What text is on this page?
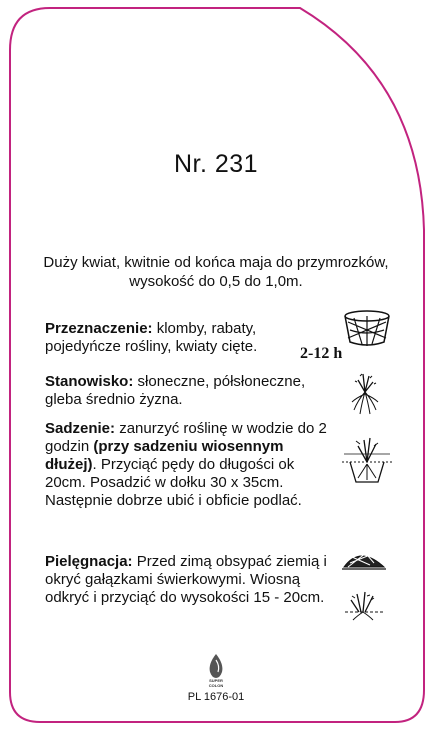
Nr. 231
Duży kwiat, kwitnie od końca maja do przymrozków, wysokość do 0,5 do 1,0m.
Przeznaczenie: klomby, rabaty, pojedyńcze rośliny, kwiaty cięte.
Stanowisko: słoneczne, półsłoneczne, gleba średnio żyzna.
Sadzenie: zanurzyć roślinę w wodzie do 2 godzin (przy sadzeniu wiosennym dłużej). Przyciąć pędy do długości ok 20cm. Posadzić w dołku 30 x 35cm. Następnie dobrze ubić i obficie podlać.
Pielęgnacja: Przed zimą obsypać ziemią i okryć gałązkami świerkowymi. Wiosną odkryć i przyciąć do wysokości 15 - 20cm.
2-12 h
SUPER
COLON
PL 1676-01
